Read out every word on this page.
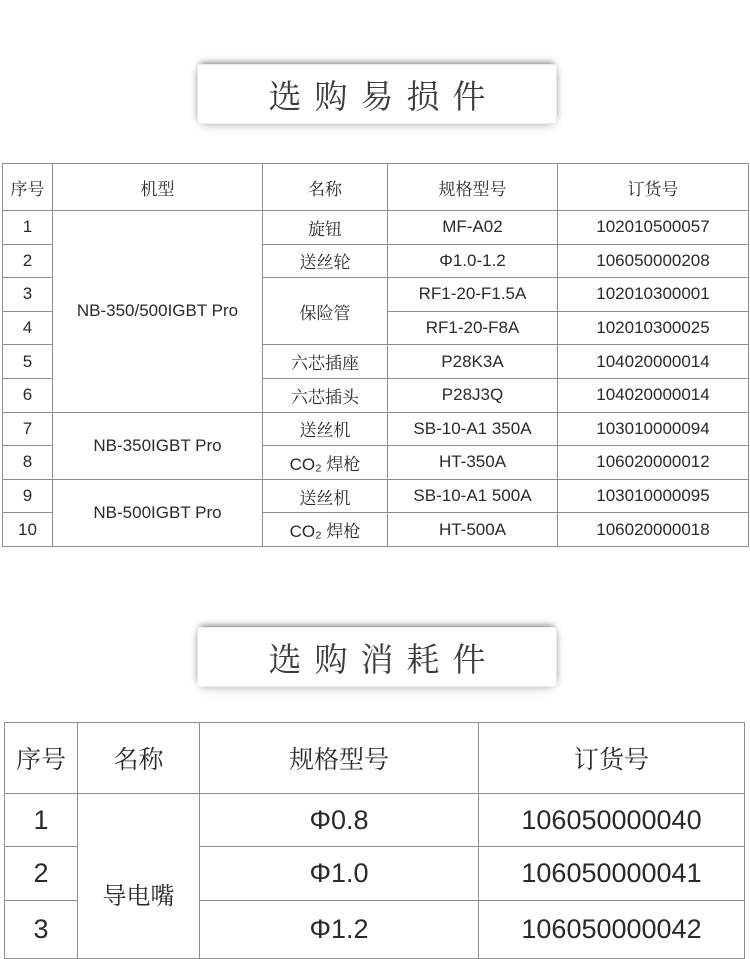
选购易损件
序号	机型	名称	规格型号	订货号
1	NB-350/500IGBT Pro	旋钮	MF-A02	102010500057
2		送丝轮	Φ1.0-1.2	106050000208
3		保险管	RF1-20-F1.5A	102010300001
4			RF1-20-F8A	102010300025
5		六芯插座	P28K3A	104020000014
6		六芯插头	P28J3Q	104020000014
7	NB-350IGBT Pro	送丝机	SB-10-A1 350A	103010000094
8		CO₂ 焊枪	HT-350A	106020000012
9	NB-500IGBT Pro	送丝机	SB-10-A1 500A	103010000095
10		CO₂ 焊枪	HT-500A	106020000018
选购消耗件
序号	名称	规格型号	订货号
1	导电嘴	Φ0.8	106050000040
2		Φ1.0	106050000041
3		Φ1.2	106050000042
